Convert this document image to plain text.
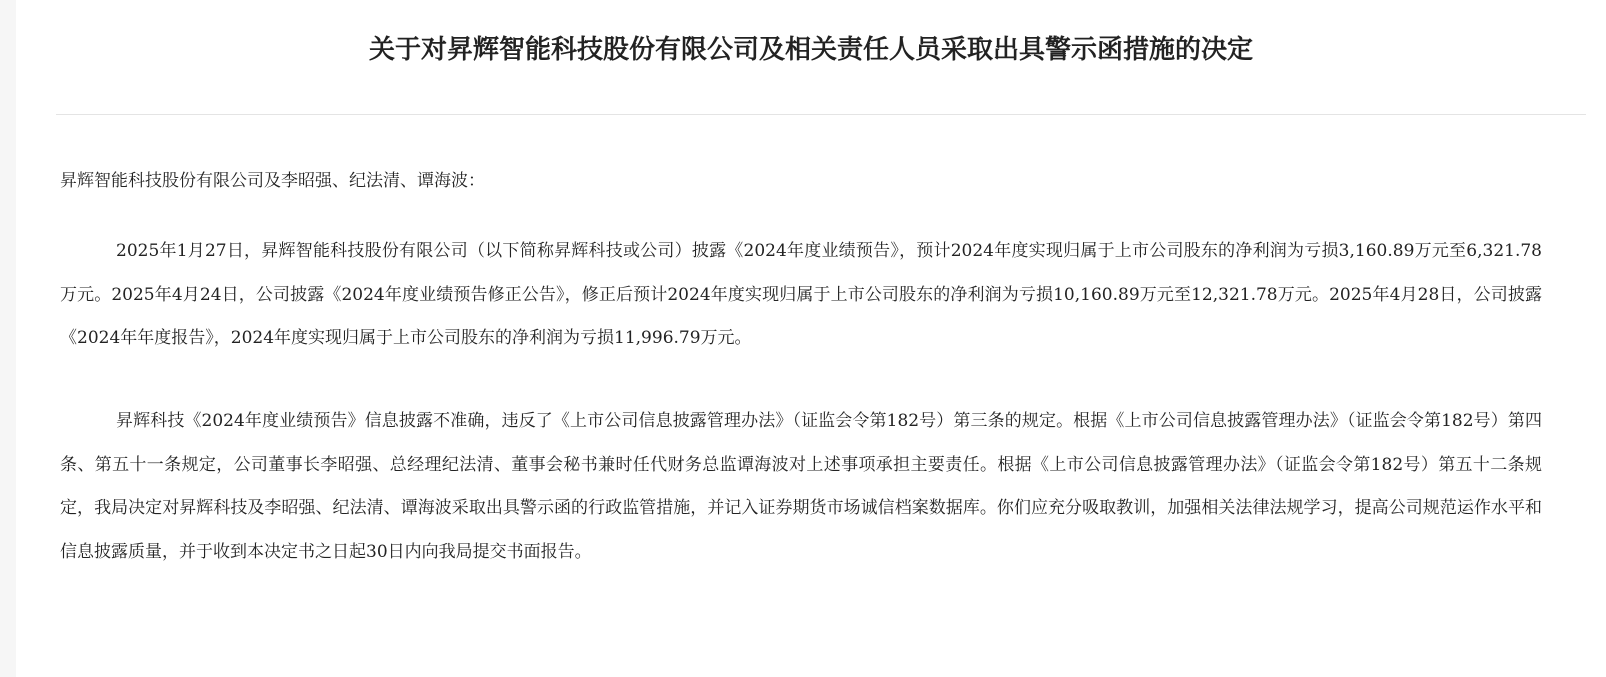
关于对昇辉智能科技股份有限公司及相关责任人员采取出具警示函措施的决定

昇辉智能科技股份有限公司及李昭强、纪法清、谭海波：

2025年1月27日，昇辉智能科技股份有限公司（以下简称昇辉科技或公司）披露《2024年度业绩预告》，预计2024年度实现归属于上市公司股东的净利润为亏损3,160.89万元至6,321.78万元。2025年4月24日，公司披露《2024年度业绩预告修正公告》，修正后预计2024年度实现归属于上市公司股东的净利润为亏损10,160.89万元至12,321.78万元。2025年4月28日，公司披露《2024年年度报告》，2024年度实现归属于上市公司股东的净利润为亏损11,996.79万元。

昇辉科技《2024年度业绩预告》信息披露不准确，违反了《上市公司信息披露管理办法》（证监会令第182号）第三条的规定。根据《上市公司信息披露管理办法》（证监会令第182号）第四条、第五十一条规定，公司董事长李昭强、总经理纪法清、董事会秘书兼时任代财务总监谭海波对上述事项承担主要责任。根据《上市公司信息披露管理办法》（证监会令第182号）第五十二条规定，我局决定对昇辉科技及李昭强、纪法清、谭海波采取出具警示函的行政监管措施，并记入证券期货市场诚信档案数据库。你们应充分吸取教训，加强相关法律法规学习，提高公司规范运作水平和信息披露质量，并于收到本决定书之日起30日内向我局提交书面报告。
